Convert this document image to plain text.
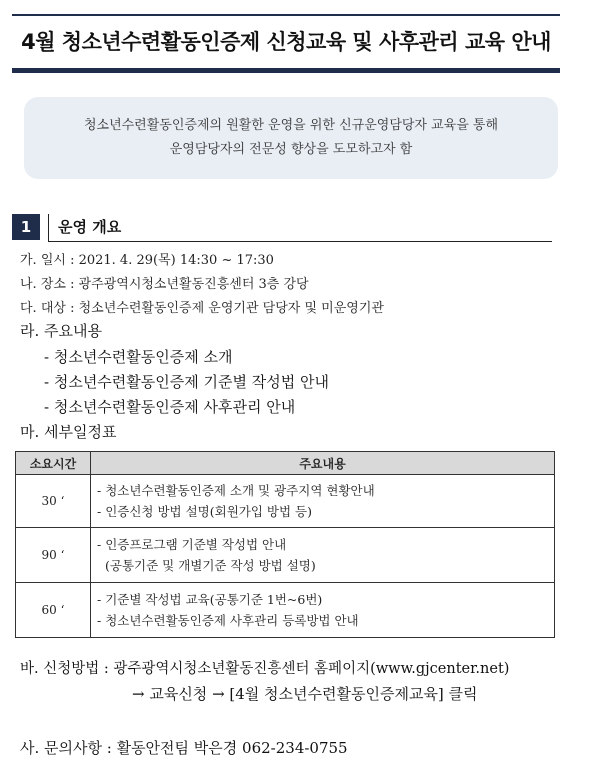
4월 청소년수련활동인증제 신청교육 및 사후관리 교육 안내
청소년수련활동인증제의 원활한 운영을 위한 신규운영담당자 교육을 통해
운영담당자의 전문성 향상을 도모하고자 함
1	운영 개요
가. 일시 : 2021. 4. 29(목) 14:30 ~ 17:30
나. 장소 : 광주광역시청소년활동진흥센터 3층 강당
다. 대상 : 청소년수련활동인증제 운영기관 담당자 및 미운영기관
라. 주요내용
- 청소년수련활동인증제 소개
- 청소년수련활동인증제 기준별 작성법 안내
- 청소년수련활동인증제 사후관리 안내
마. 세부일정표
소요시간	주요내용
30 ‘	- 청소년수련활동인증제 소개 및 광주지역 현황안내
- 인증신청 방법 설명(회원가입 방법 등)

90 ‘	- 인증프로그램 기준별 작성법 안내
(공통기준 및 개별기준 작성 방법 설명)

60 ‘	- 기준별 작성법 교육(공통기준 1번~6번)
- 청소년수련활동인증제 사후관리 등록방법 안내
바. 신청방법 : 광주광역시청소년활동진흥센터 홈페이지(www.gjcenter.net)
→ 교육신청 → [4월 청소년수련활동인증제교육] 클릭
사. 문의사항 : 활동안전팀 박은경 062-234-0755
